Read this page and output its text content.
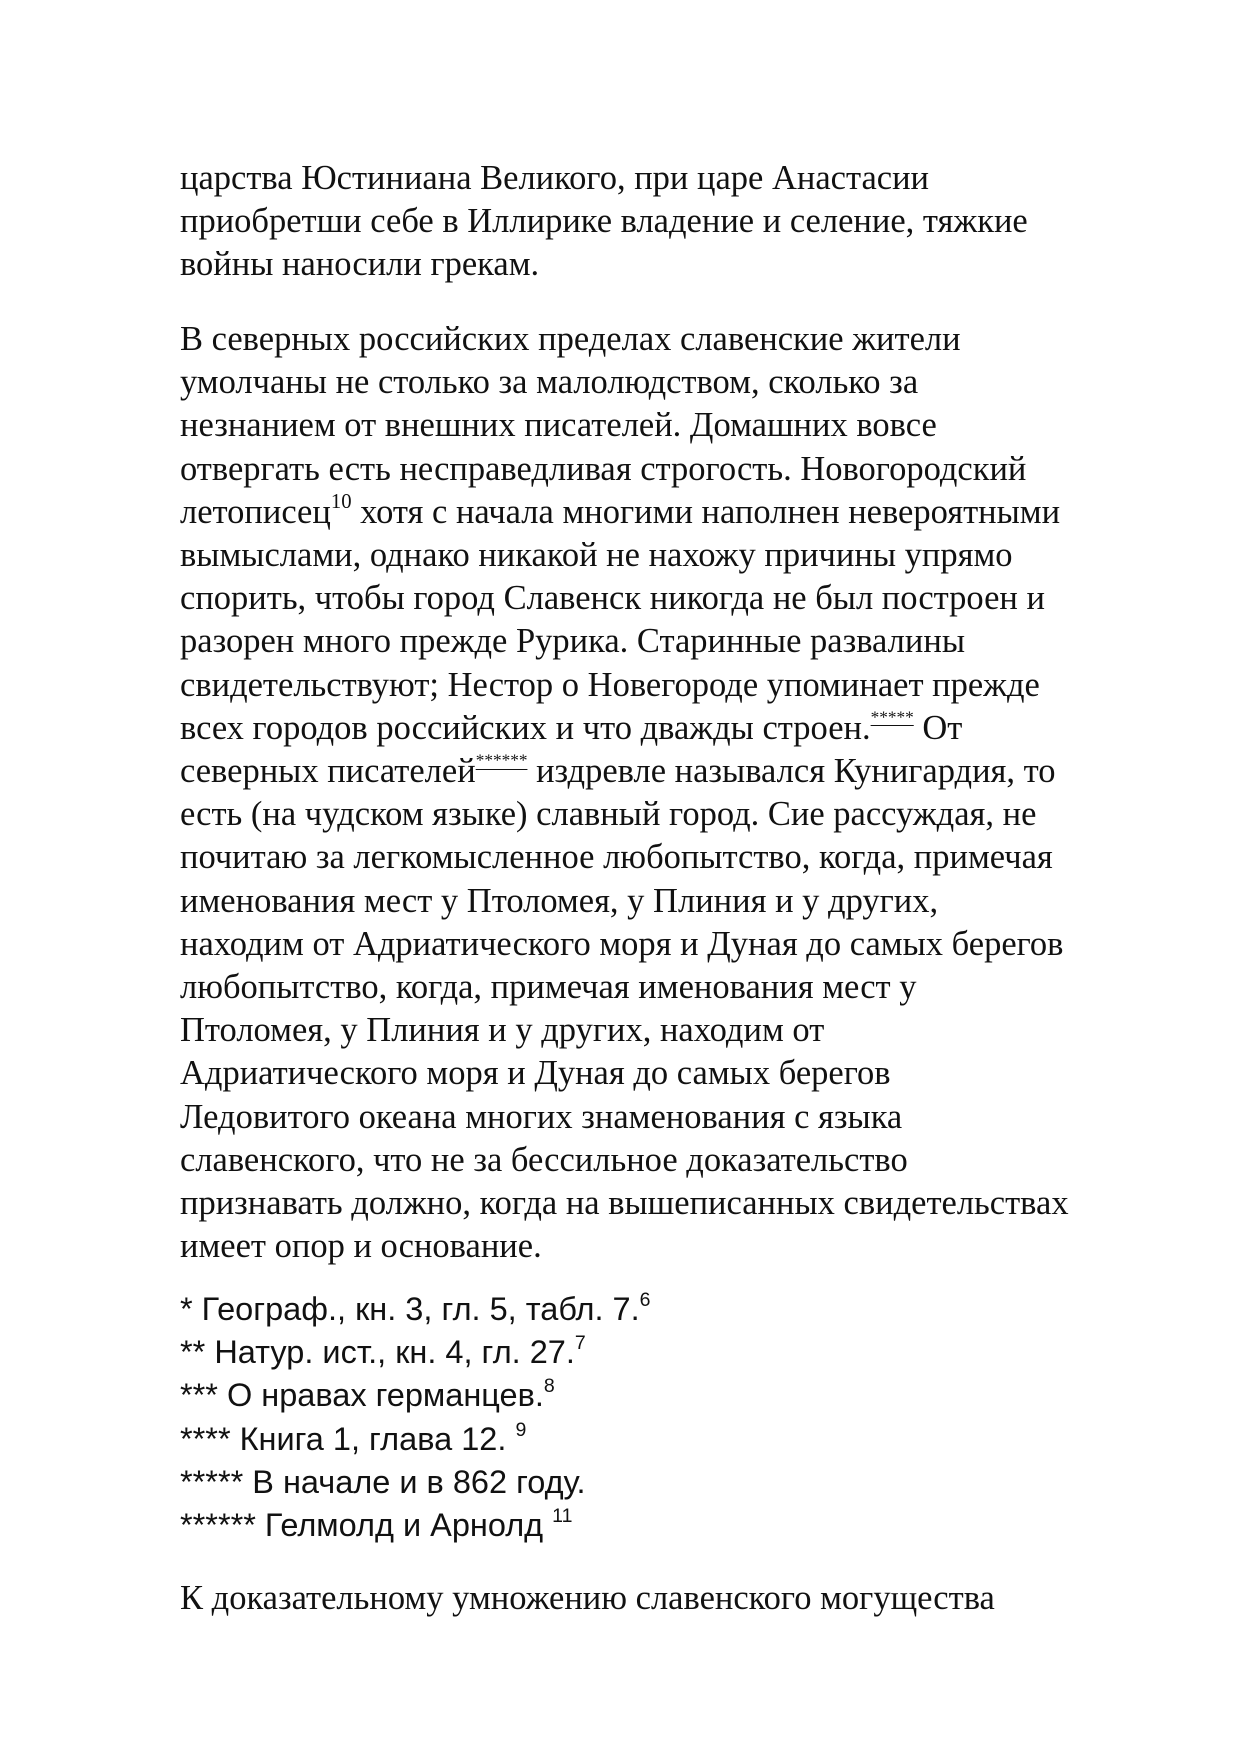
царства Юстиниана Великого, при царе Анастасии
приобретши себе в Иллирике владение и селение, тяжкие
войны наносили грекам.
В северных российских пределах славенские жители
умолчаны не столько за малолюдством, сколько за
незнанием от внешних писателей. Домашних вовсе
отвергать есть несправедливая строгость. Новогородский
летописец$^{10}$ хотя с начала многими наполнен невероятными
вымыслами, однако никакой не нахожу причины упрямо
спорить, чтобы город Славенск никогда не был построен и
разорен много прежде Рурика. Старинные развалины
свидетельствуют; Нестор о Новегороде упоминает прежде
всех городов российских и что дважды строен.***** От
северных писателей****** издревле назывался Кунигардия, то
есть (на чудском языке) славный город. Сие рассуждая, не
почитаю за легкомысленное любопытство, когда, примечая
именования мест у Птоломея, у Плиния и у других,
находим от Адриатического моря и Дуная до самых берегов
любопытство, когда, примечая именования мест у
Птоломея, у Плиния и у других, находим от
Адриатического моря и Дуная до самых берегов
Ледовитого океана многих знаменования с языка
славенского, что не за бессильное доказательство
признавать должно, когда на вышеписанных свидетельствах
имеет опор и основание.
* Географ., кн. 3, гл. 5, табл. 7.$^6$
** Натур. ист., кн. 4, гл. 27.$^7$
*** О нравах германцев.$^8$
**** Книга 1, глава 12. $^9$
***** В начале и в 862 году.
****** Гелмолд и Арнолд $^{11}$
К доказательному умножению славенского могущества
